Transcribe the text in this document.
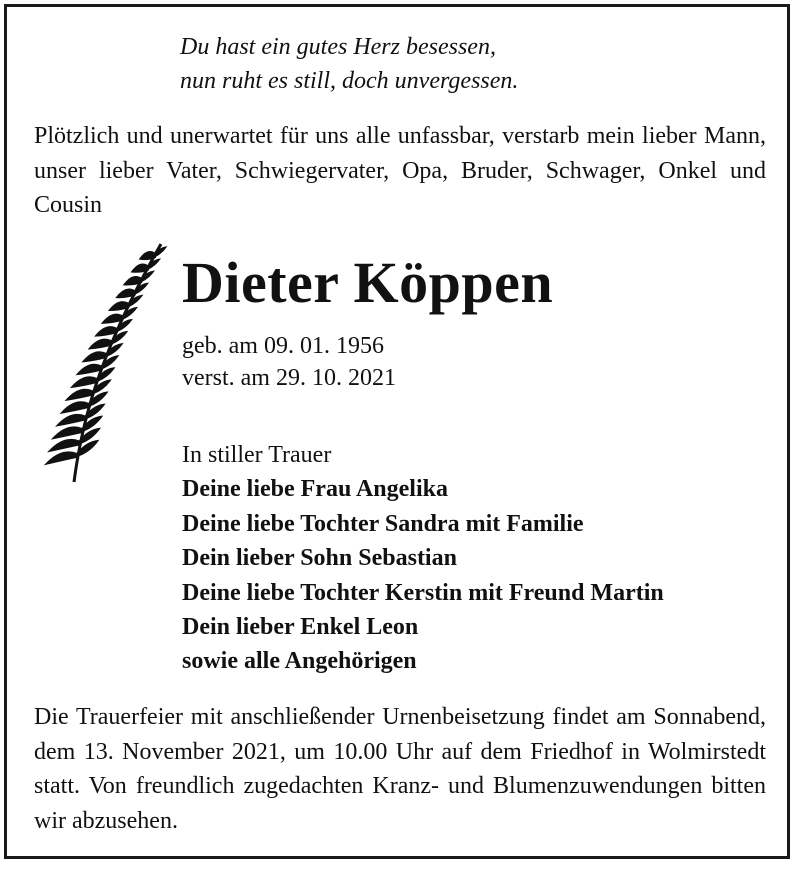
Du hast ein gutes Herz besessen,
nun ruht es still, doch unvergessen.
Plötzlich und unerwartet für uns alle unfassbar, verstarb mein lieber Mann, unser lieber Vater, Schwiegervater, Opa, Bruder, Schwager, Onkel und Cousin
Dieter Köppen
geb. am 09. 01. 1956
verst. am 29. 10. 2021
In stiller Trauer
Deine liebe Frau Angelika
Deine liebe Tochter Sandra mit Familie
Dein lieber Sohn Sebastian
Deine liebe Tochter Kerstin mit Freund Martin
Dein lieber Enkel Leon
sowie alle Angehörigen
Die Trauerfeier mit anschließender Urnenbeisetzung findet am Sonnabend, dem 13. November 2021, um 10.00 Uhr auf dem Friedhof in Wolmirstedt statt. Von freundlich zugedachten Kranz- und Blumenzuwendungen bitten wir abzusehen.
